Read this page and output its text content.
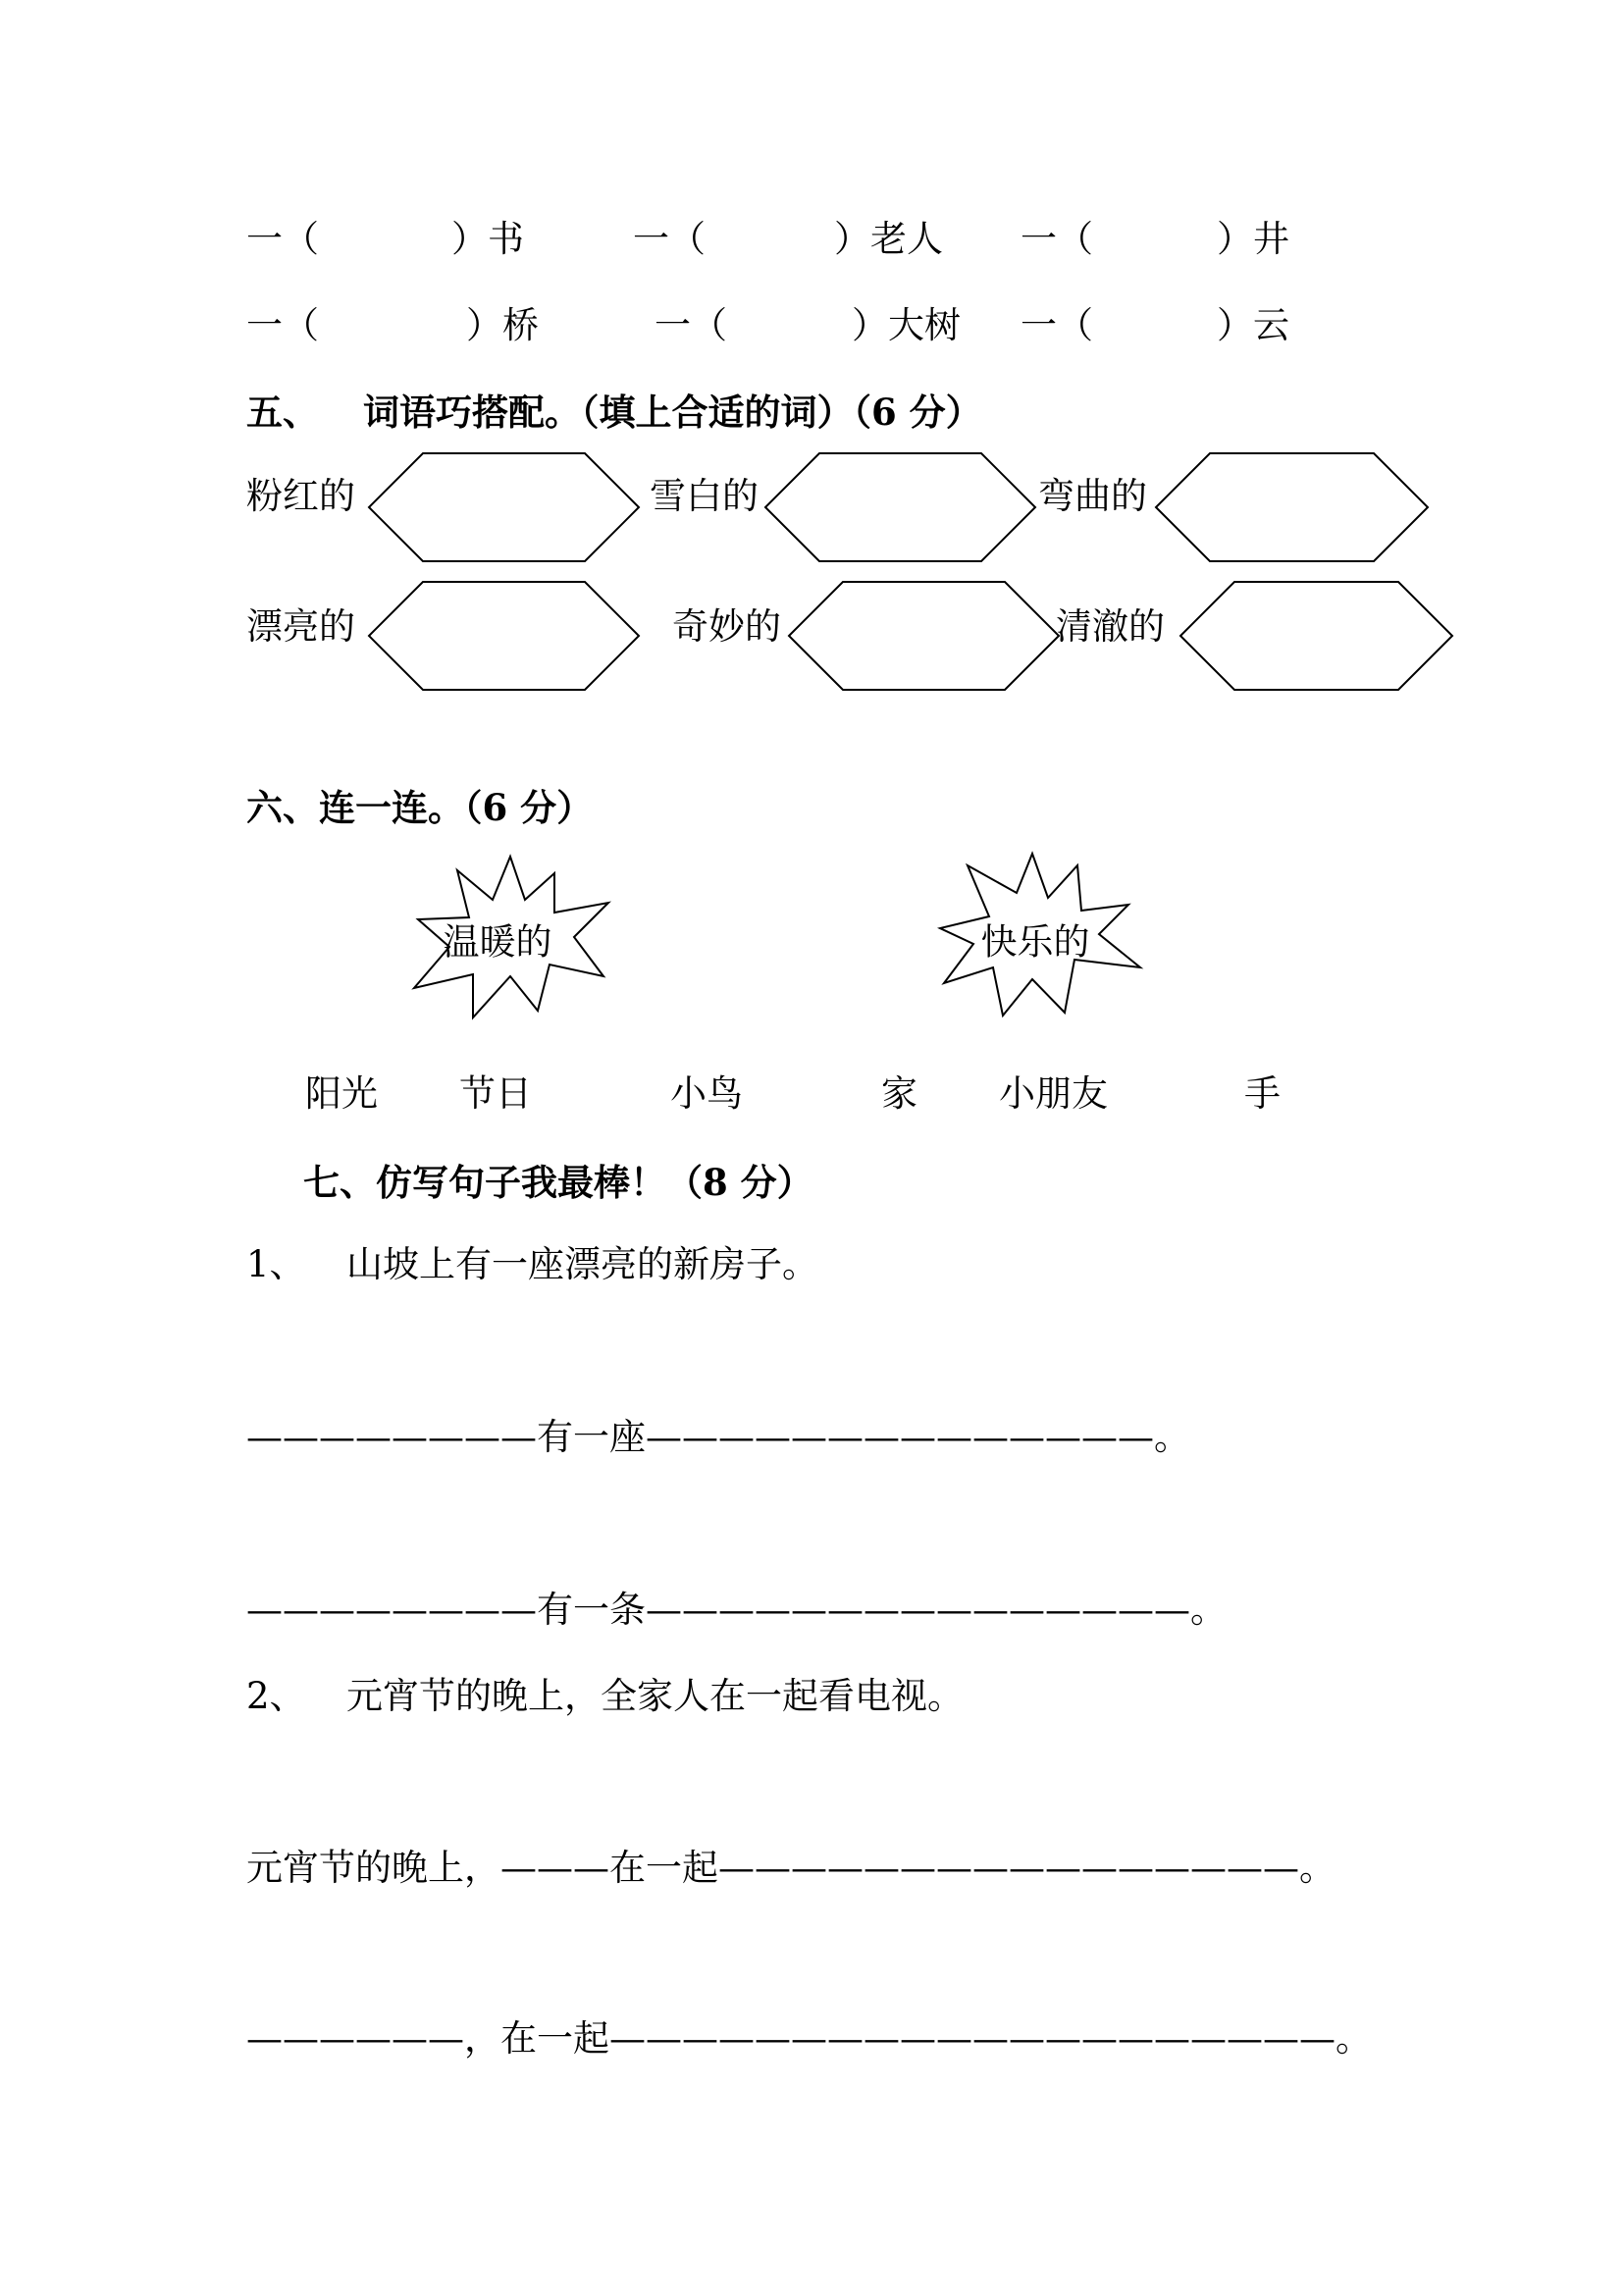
一（	）书	一（	）老人 一（	）井
一（	）桥	一（	）大树 一（	）云
五、 词语巧搭配。（填上合适的词）（6 分）
粉红的	雪白的	弯曲的
漂亮的	奇妙的	清澈的
六、连一连。（6 分）
温暖的	快乐的
阳光 节日	小鸟	家 小朋友	手
七、仿写句子我最棒！（8 分）
1、 山坡上有一座漂亮的新房子。
————————有一座——————————————。
————————有一条———————————————。
2、 元宵节的晚上，全家人在一起看电视。
元宵节的晚上，———在一起————————————————。
——————，在一起————————————————————。
